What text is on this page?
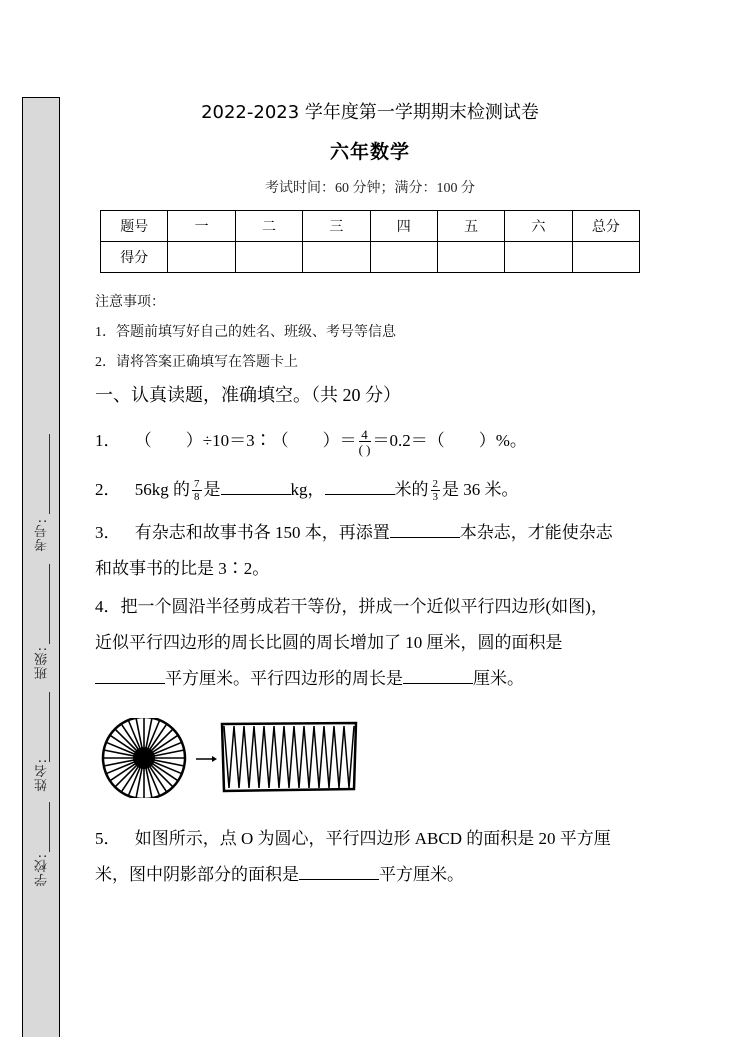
考号:
班级:
姓名:
学校:
2022-2023 学年度第一学期期末检测试卷
六年数学
考试时间：60 分钟；满分：100 分
题号	一	二	三	四	五	六	总分
得分							
注意事项：
1．答题前填写好自己的姓名、班级、考号等信息
2．请将答案正确填写在答题卡上
一、认真读题，准确填空。（共 20 分）
1． （　　）÷10＝3∶（　　）＝ $\frac{4}{( )} =0.2=$（　　）%。
2． 56kg 的 $\frac{7}{8}$ 是	kg，	米的 $\frac{2}{3}$ 是 36 米。
3． 有杂志和故事书各 150 本，再添置	本杂志，才能使杂志
和故事书的比是 3∶2。
4．把一个圆沿半径剪成若干等份，拼成一个近似平行四边形(如图)，
近似平行四边形的周长比圆的周长增加了 10 厘米，圆的面积是
平方厘米。平行四边形的周长是	厘米。
5． 如图所示，点 O 为圆心，平行四边形 ABCD 的面积是 20 平方厘
米，图中阴影部分的面积是	平方厘米。
